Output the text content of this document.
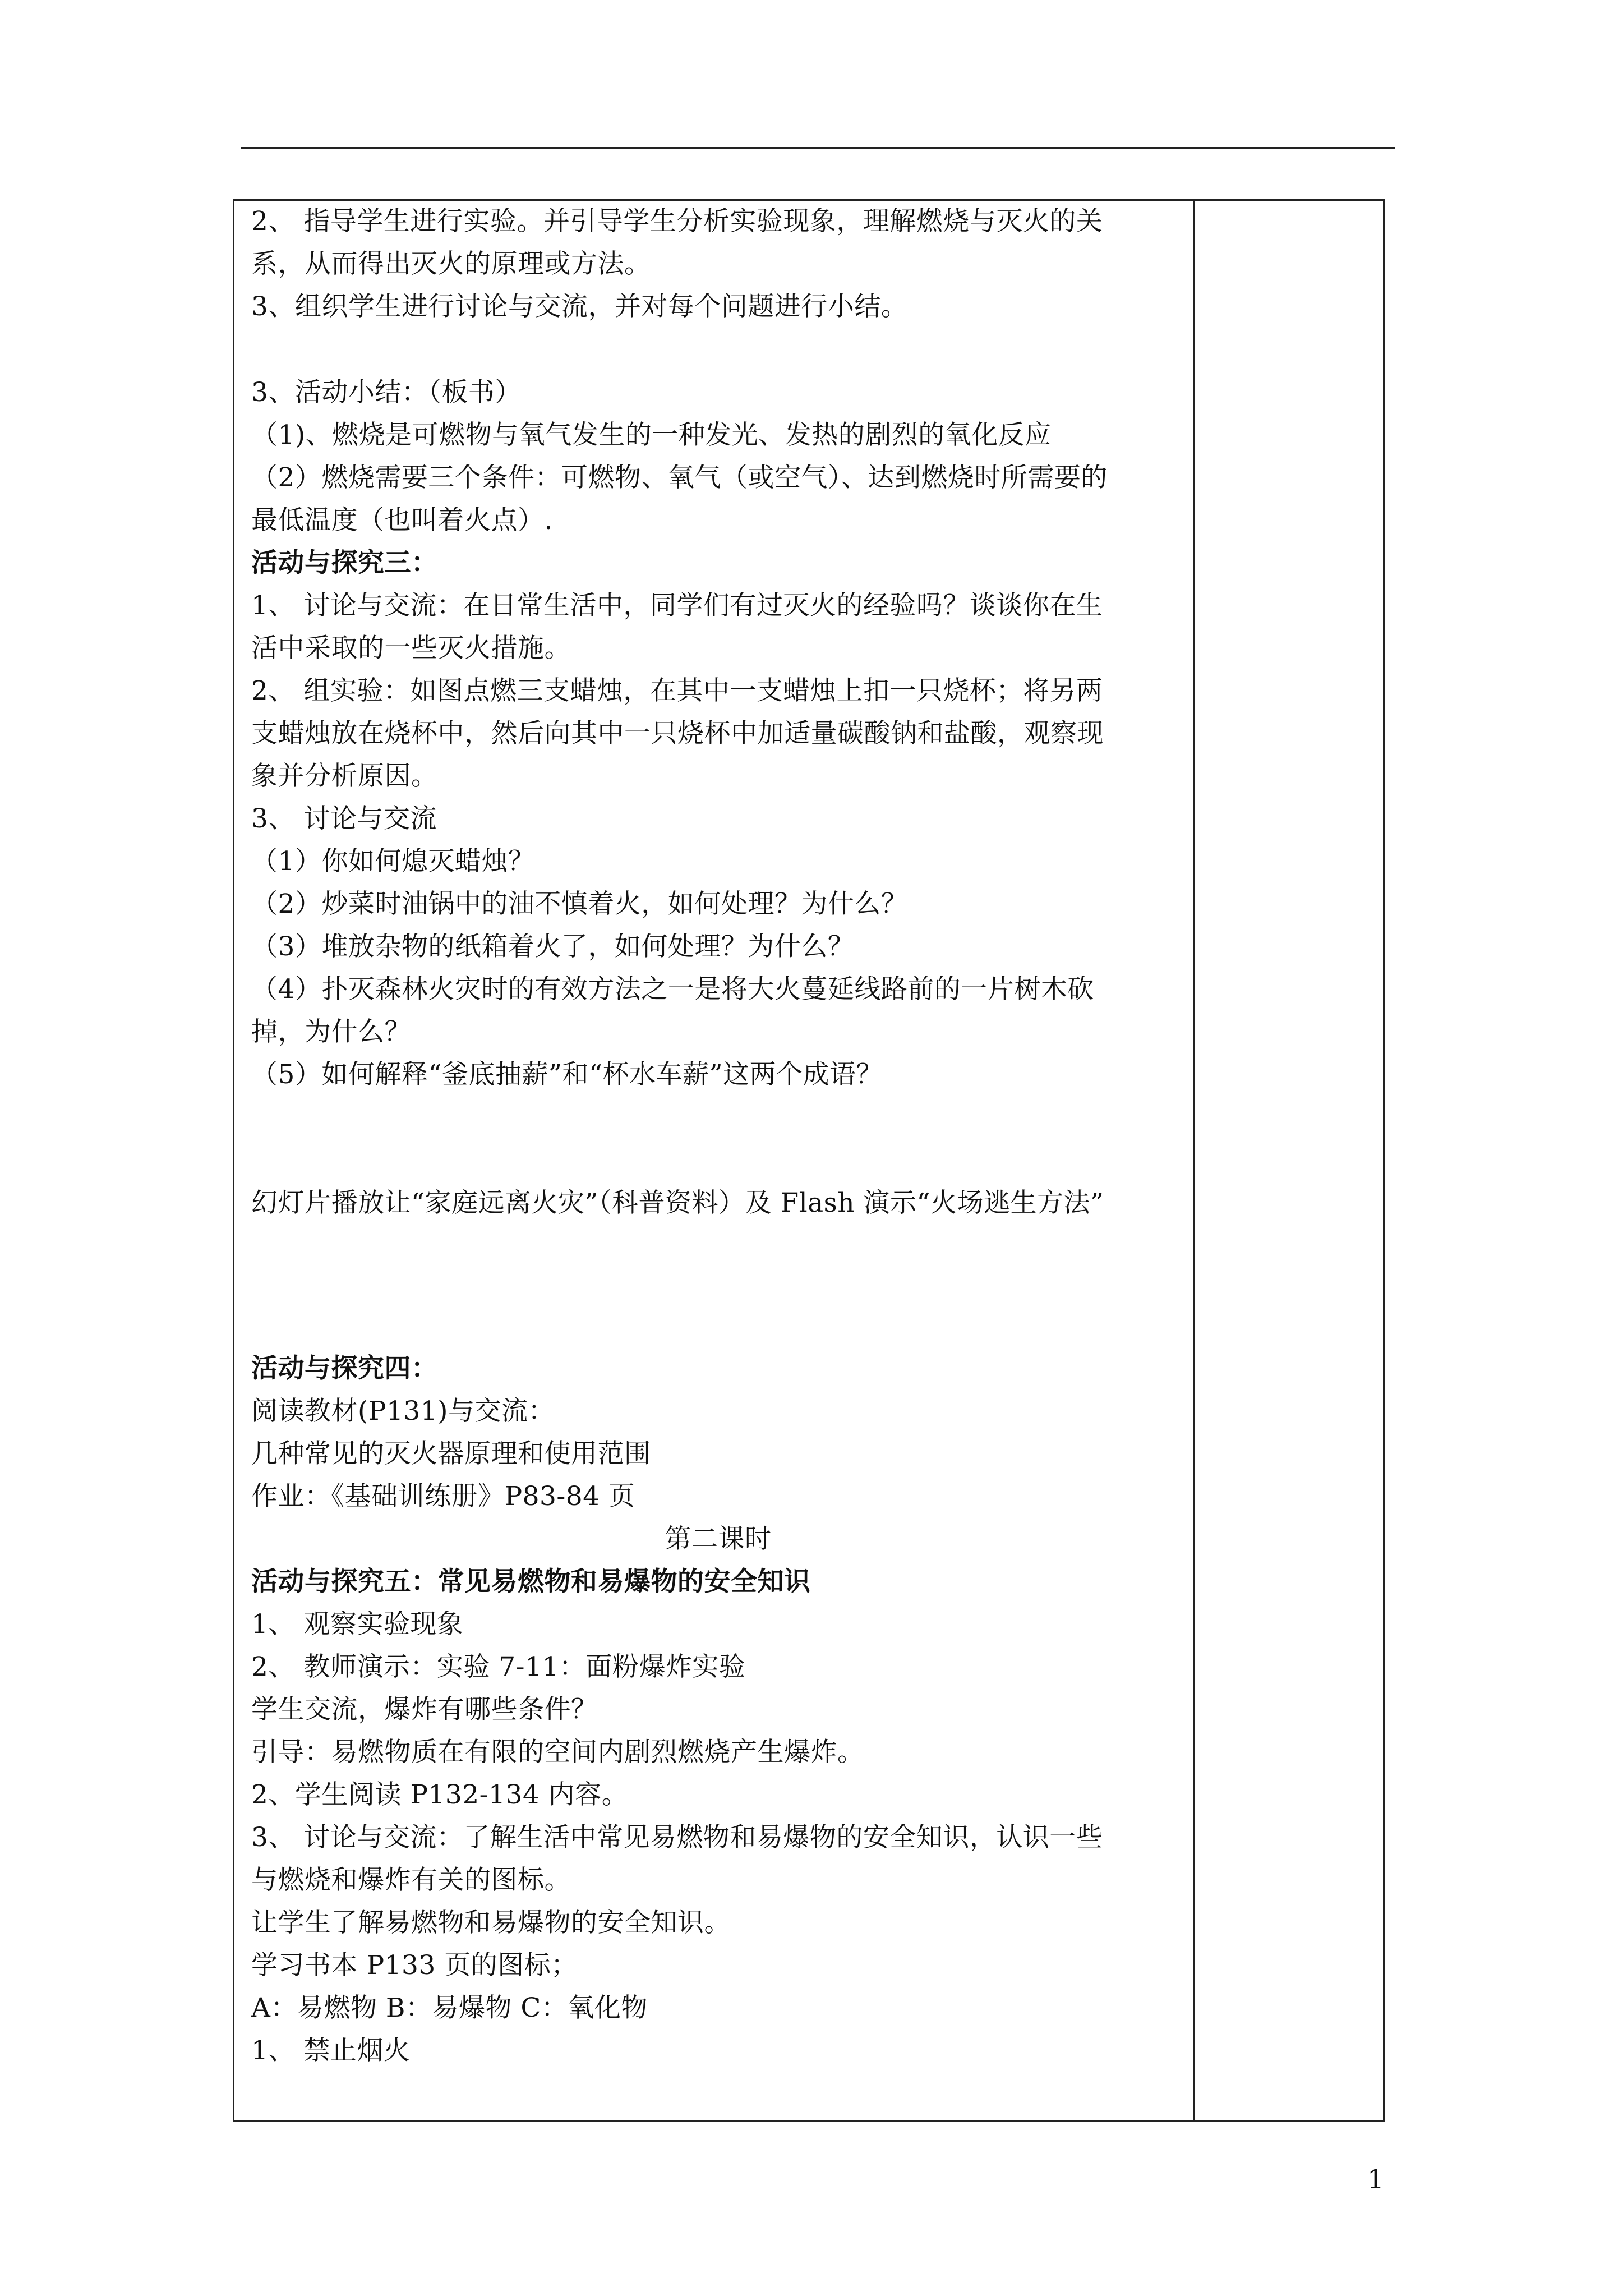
2、 指导学生进行实验。并引导学生分析实验现象，理解燃烧与灭火的关
系，从而得出灭火的原理或方法。
3、组织学生进行讨论与交流，并对每个问题进行小结。
3、活动小结：（板书）
（1)、燃烧是可燃物与氧气发生的一种发光、发热的剧烈的氧化反应
（2）燃烧需要三个条件：可燃物、氧气（或空气）、达到燃烧时所需要的
最低温度（也叫着火点）.
活动与探究三：
1、 讨论与交流：在日常生活中，同学们有过灭火的经验吗？谈谈你在生
活中采取的一些灭火措施。
2、 组实验：如图点燃三支蜡烛，在其中一支蜡烛上扣一只烧杯；将另两
支蜡烛放在烧杯中，然后向其中一只烧杯中加适量碳酸钠和盐酸，观察现
象并分析原因。
3、 讨论与交流
（1）你如何熄灭蜡烛？
（2）炒菜时油锅中的油不慎着火，如何处理？为什么？
（3）堆放杂物的纸箱着火了，如何处理？为什么？
（4）扑灭森林火灾时的有效方法之一是将大火蔓延线路前的一片树木砍
掉，为什么？
（5）如何解释“釜底抽薪”和“杯水车薪”这两个成语？
幻灯片播放让“家庭远离火灾”（科普资料）及 Flash 演示“火场逃生方法”
活动与探究四：
阅读教材(P131)与交流：
几种常见的灭火器原理和使用范围
作业：《基础训练册》P83-84 页
第二课时
活动与探究五：常见易燃物和易爆物的安全知识
1、 观察实验现象
2、 教师演示：实验 7-11：面粉爆炸实验
学生交流，爆炸有哪些条件？
引导：易燃物质在有限的空间内剧烈燃烧产生爆炸。
2、学生阅读 P132-134 内容。
3、 讨论与交流：了解生活中常见易燃物和易爆物的安全知识，认识一些
与燃烧和爆炸有关的图标。
让学生了解易燃物和易爆物的安全知识。
学习书本 P133 页的图标；
A：易燃物 B：易爆物 C：氧化物
1、 禁止烟火
1
